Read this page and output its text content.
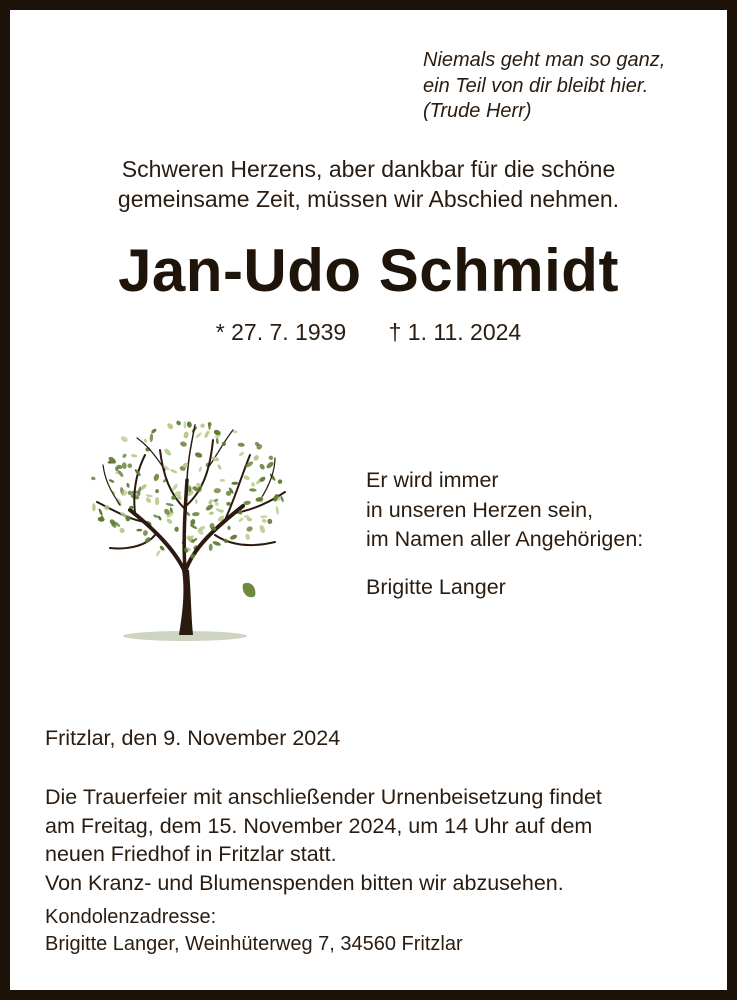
Niemals geht man so ganz,
ein Teil von dir bleibt hier.
(Trude Herr)
Schweren Herzens, aber dankbar für die schöne
gemeinsame Zeit, müssen wir Abschied nehmen.
Jan-Udo Schmidt
* 27. 7. 1939 † 1. 11. 2024
Er wird immer
in unseren Herzen sein,
im Namen aller Angehörigen:
Brigitte Langer
Fritzlar, den 9. November 2024
Die Trauerfeier mit anschließender Urnenbeisetzung findet
am Freitag, dem 15. November 2024, um 14 Uhr auf dem
neuen Friedhof in Fritzlar statt.
Von Kranz- und Blumenspenden bitten wir abzusehen.
Kondolenzadresse:
Brigitte Langer, Weinhüterweg 7, 34560 Fritzlar
